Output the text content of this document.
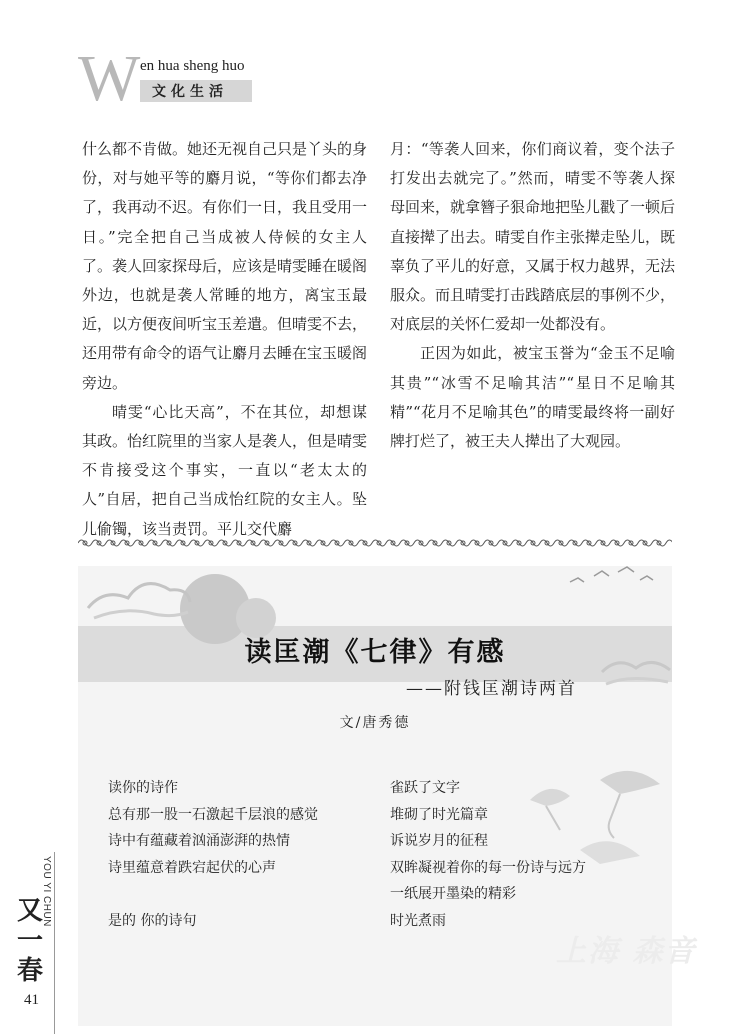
W en hua sheng huo
文化生活

什么都不肯做。她还无视自己只是丫头的身份，对与她平等的麝月说，“等你们都去净了，我再动不迟。有你们一日，我且受用一日。”完全把自己当成被人侍候的女主人了。袭人回家探母后，应该是晴雯睡在暖阁外边，也就是袭人常睡的地方，离宝玉最近，以方便夜间听宝玉差遣。但晴雯不去，还用带有命令的语气让麝月去睡在宝玉暖阁旁边。

晴雯“心比天高”，不在其位，却想谋其政。怡红院里的当家人是袭人，但是晴雯不肯接受这个事实，一直以“老太太的人”自居，把自己当成怡红院的女主人。坠儿偷镯，该当责罚。平儿交代麝

月：“等袭人回来，你们商议着，变个法子打发出去就完了。”然而，晴雯不等袭人探母回来，就拿簪子狠命地把坠儿戳了一顿后直接撵了出去。晴雯自作主张撵走坠儿，既辜负了平儿的好意，又属于权力越界，无法服众。而且晴雯打击践踏底层的事例不少，对底层的关怀仁爱却一处都没有。

正因为如此，被宝玉誉为“金玉不足喻其贵”“冰雪不足喻其洁”“星日不足喻其精”“花月不足喻其色”的晴雯最终将一副好牌打烂了，被王夫人撵出了大观园。

读匡潮《七律》有感
——附钱匡潮诗两首
文/唐秀德
读你的诗作
总有那一股一石激起千层浪的感觉
诗中有蕴藏着汹涌澎湃的热情
诗里蕴意着跌宕起伏的心声
是的 你的诗句
雀跃了文字
堆砌了时光篇章
诉说岁月的征程
双眸凝视着你的每一份诗与远方
一纸展开墨染的精彩
时光煮雨
上海 森音
YOU YI CHUN
又
一
春
41
